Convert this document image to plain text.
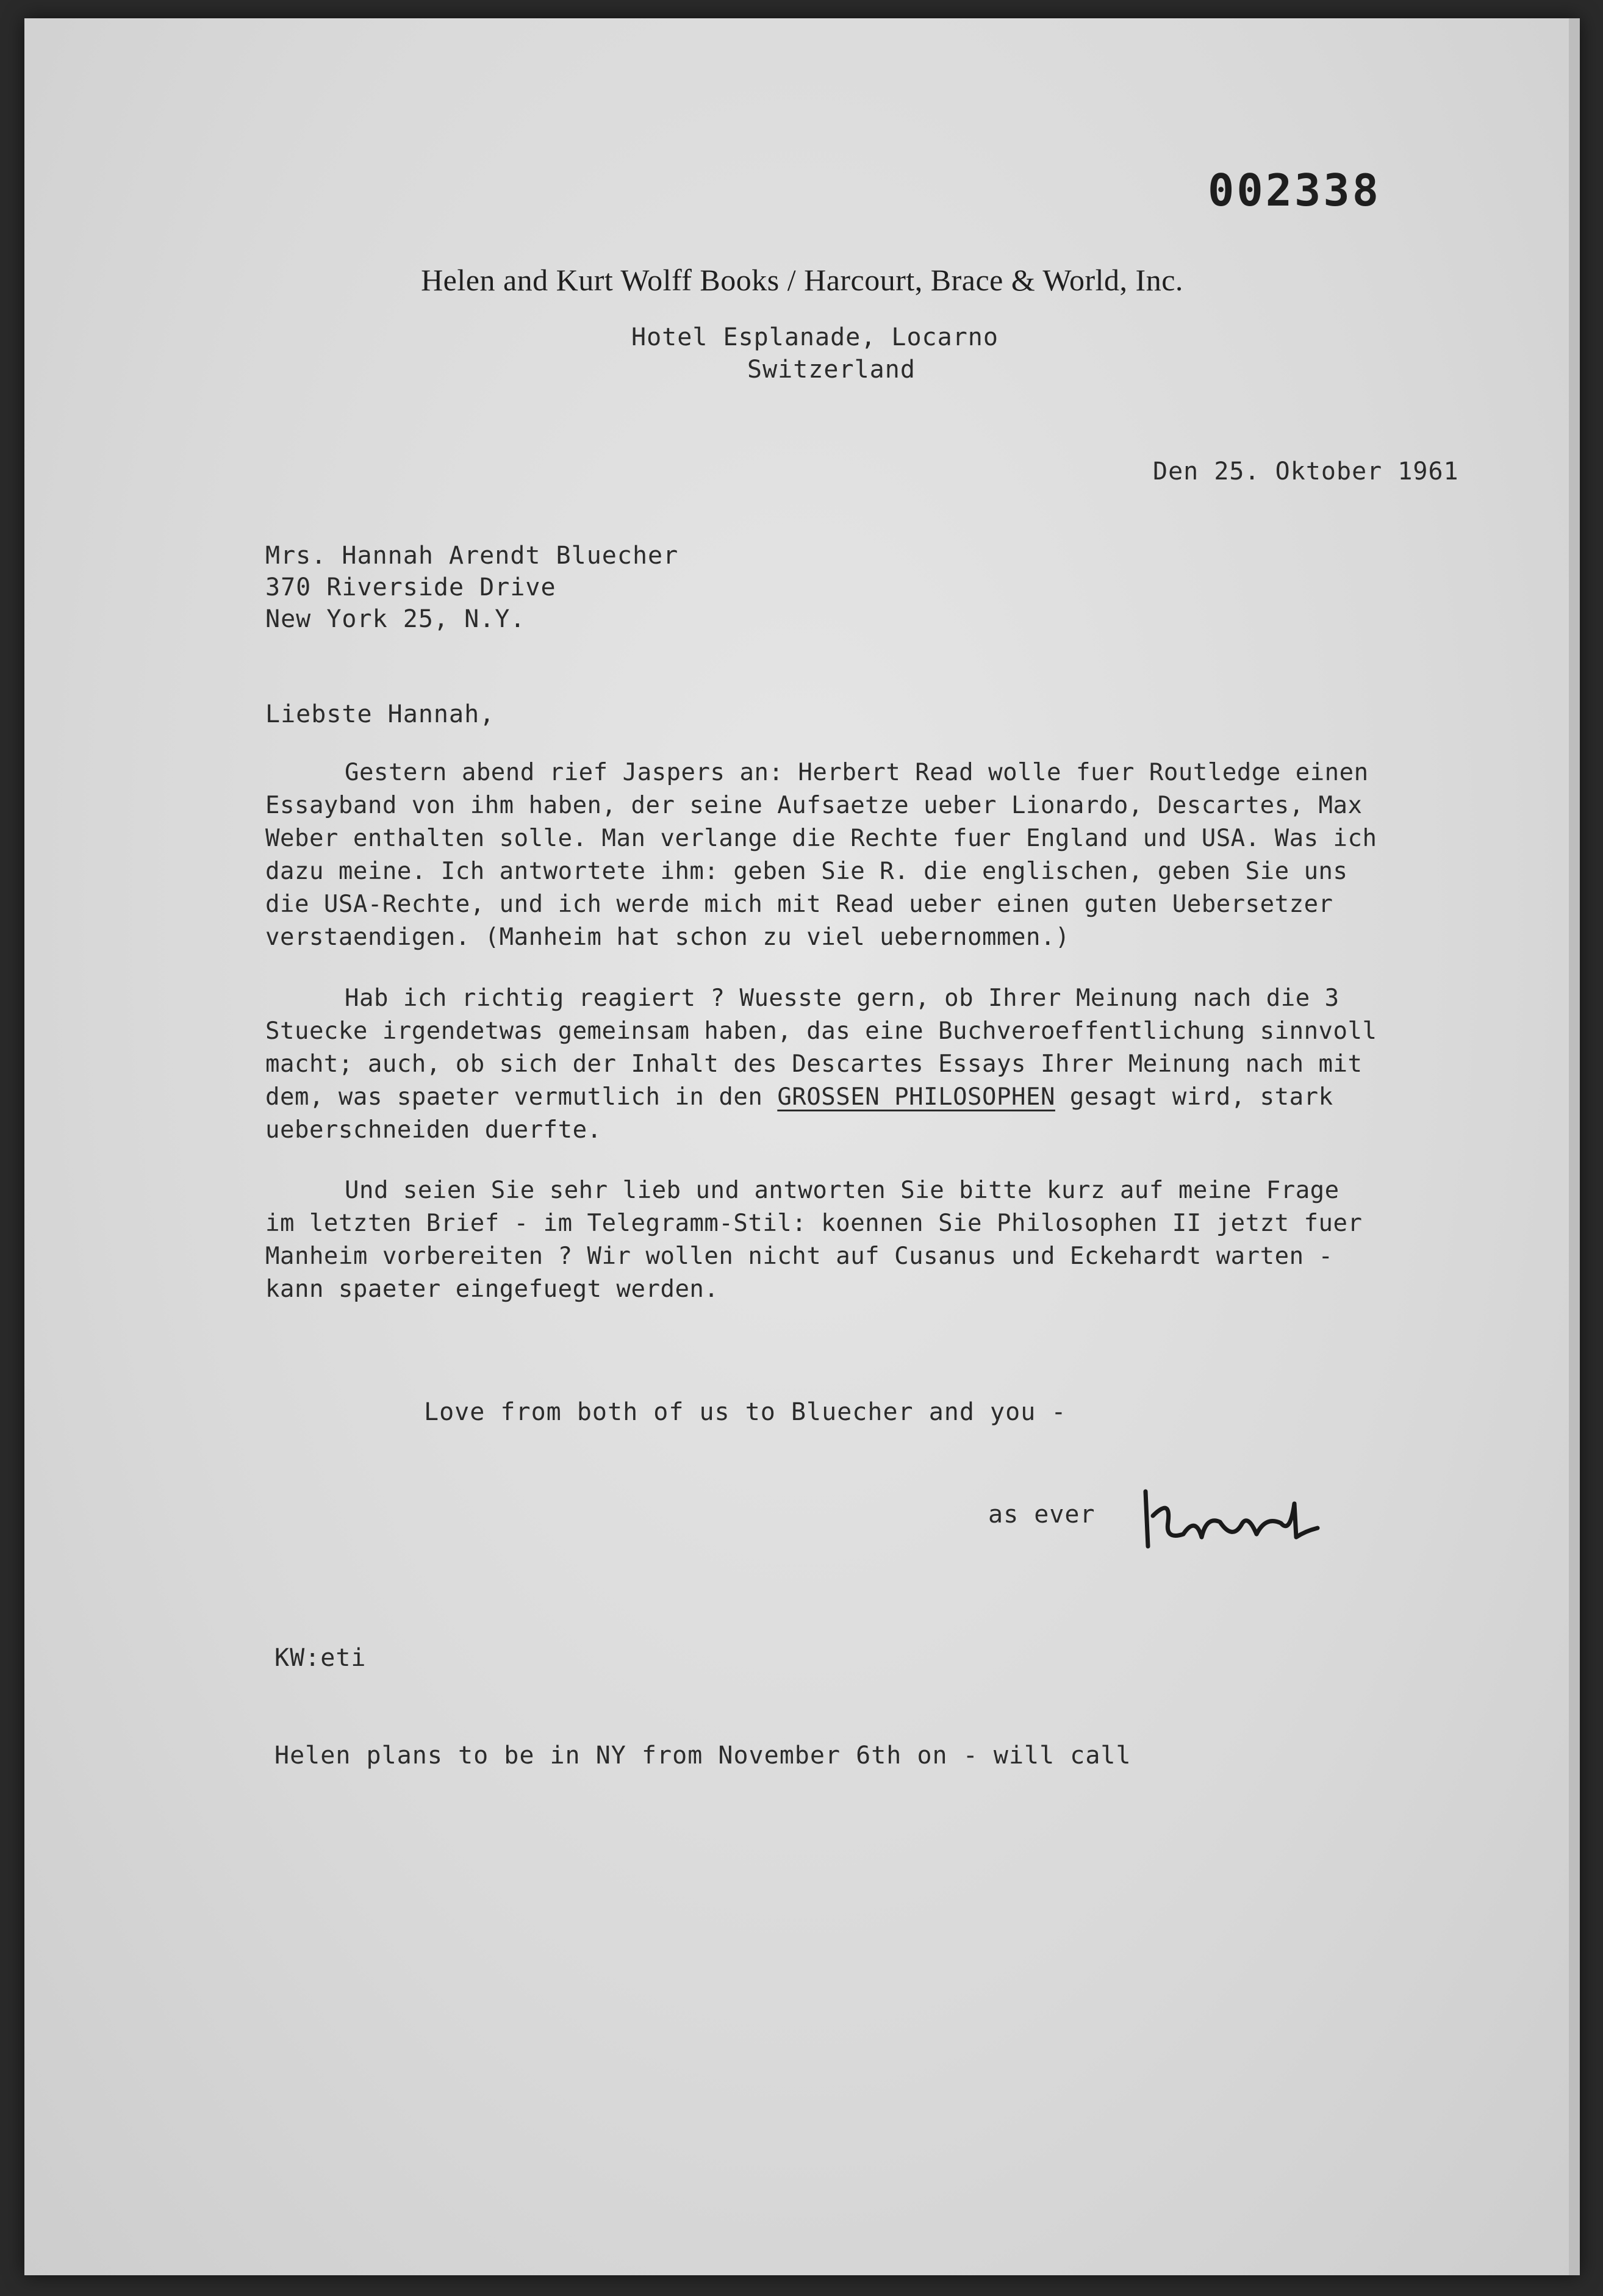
002338
Helen and Kurt Wolff Books / Harcourt, Brace & World, Inc.
Hotel Esplanade, Locarno
Switzerland
Den 25. Oktober 1961
Mrs. Hannah Arendt Bluecher
370 Riverside Drive
New York 25, N.Y.
Liebste Hannah,
Gestern abend rief Jaspers an: Herbert Read wolle fuer Routledge einen
Essayband von ihm haben, der seine Aufsaetze ueber Lionardo, Descartes, Max
Weber enthalten solle. Man verlange die Rechte fuer England und USA. Was ich
dazu meine. Ich antwortete ihm: geben Sie R. die englischen, geben Sie uns
die USA-Rechte, und ich werde mich mit Read ueber einen guten Uebersetzer
verstaendigen. (Manheim hat schon zu viel uebernommen.)
Hab ich richtig reagiert ? Wuesste gern, ob Ihrer Meinung nach die 3
Stuecke irgendetwas gemeinsam haben, das eine Buchveroeffentlichung sinnvoll
macht; auch, ob sich der Inhalt des Descartes Essays Ihrer Meinung nach mit
dem, was spaeter vermutlich in den GROSSEN PHILOSOPHEN gesagt wird, stark
ueberschneiden duerfte.
Und seien Sie sehr lieb und antworten Sie bitte kurz auf meine Frage
im letzten Brief - im Telegramm-Stil: koennen Sie Philosophen II jetzt fuer
Manheim vorbereiten ? Wir wollen nicht auf Cusanus und Eckehardt warten -
kann spaeter eingefuegt werden.
Love from both of us to Bluecher and you -
as ever
KW:eti
Helen plans to be in NY from November 6th on - will call
